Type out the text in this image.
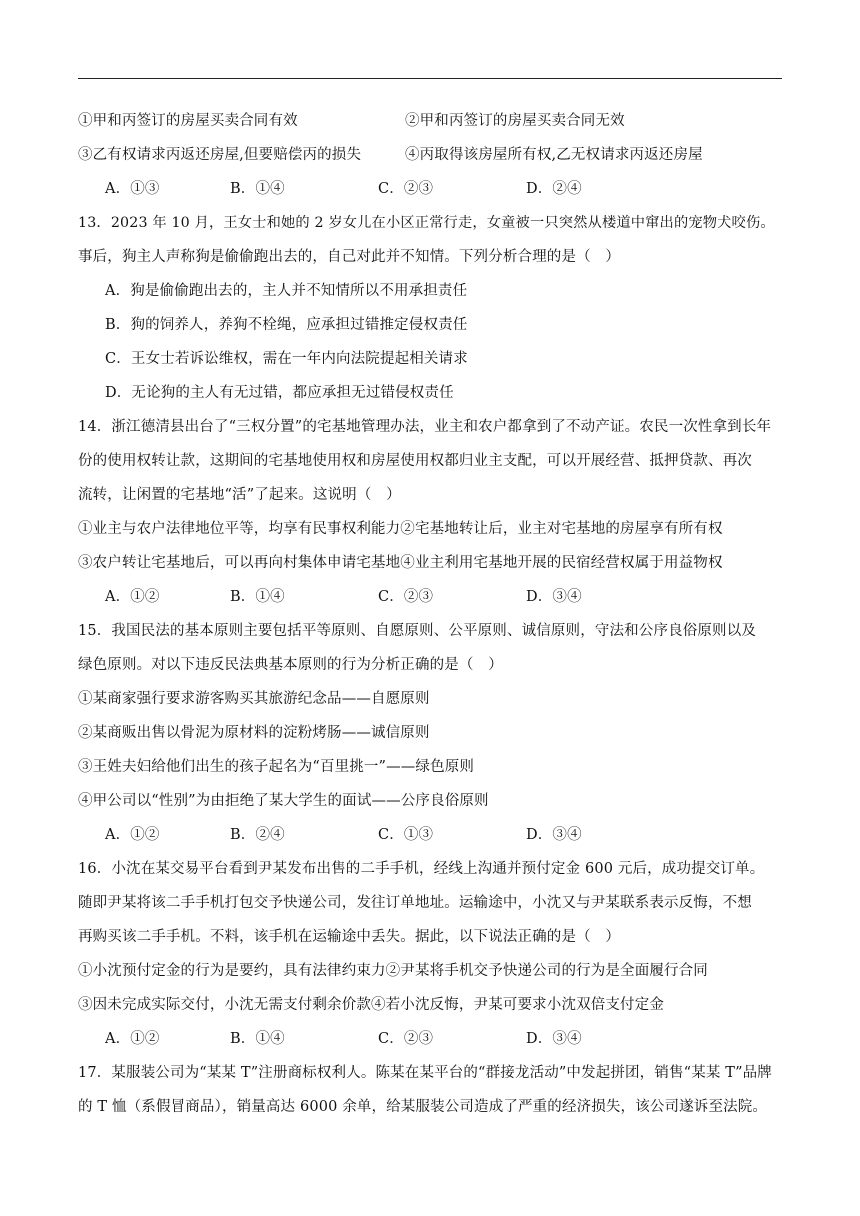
①甲和丙签订的房屋买卖合同有效	②甲和丙签订的房屋买卖合同无效
③乙有权请求丙返还房屋,但要赔偿丙的损失	④丙取得该房屋所有权,乙无权请求丙返还房屋
A．①③	B．①④	C．②③	D．②④
13．2023 年 10 月，王女士和她的 2 岁女儿在小区正常行走，女童被一只突然从楼道中窜出的宠物犬咬伤。
事后，狗主人声称狗是偷偷跑出去的，自己对此并不知情。下列分析合理的是（　）
A．狗是偷偷跑出去的，主人并不知情所以不用承担责任
B．狗的饲养人，养狗不栓绳，应承担过错推定侵权责任
C．王女士若诉讼维权，需在一年内向法院提起相关请求
D．无论狗的主人有无过错，都应承担无过错侵权责任
14．浙江德清县出台了“三权分置”的宅基地管理办法，业主和农户都拿到了不动产证。农民一次性拿到长年
份的使用权转让款，这期间的宅基地使用权和房屋使用权都归业主支配，可以开展经营、抵押贷款、再次
流转，让闲置的宅基地“活”了起来。这说明（　）
①业主与农户法律地位平等，均享有民事权利能力②宅基地转让后，业主对宅基地的房屋享有所有权
③农户转让宅基地后，可以再向村集体申请宅基地④业主利用宅基地开展的民宿经营权属于用益物权
A．①②	B．①④	C．②③	D．③④
15．我国民法的基本原则主要包括平等原则、自愿原则、公平原则、诚信原则，守法和公序良俗原则以及
绿色原则。对以下违反民法典基本原则的行为分析正确的是（　）
①某商家强行要求游客购买其旅游纪念品——自愿原则
②某商贩出售以骨泥为原材料的淀粉烤肠——诚信原则
③王姓夫妇给他们出生的孩子起名为“百里挑一”——绿色原则
④甲公司以“性别”为由拒绝了某大学生的面试——公序良俗原则
A．①②	B．②④	C．①③	D．③④
16．小沈在某交易平台看到尹某发布出售的二手手机，经线上沟通并预付定金 600 元后，成功提交订单。
随即尹某将该二手手机打包交予快递公司，发往订单地址。运输途中，小沈又与尹某联系表示反悔，不想
再购买该二手手机。不料，该手机在运输途中丢失。据此，以下说法正确的是（　）
①小沈预付定金的行为是要约，具有法律约束力②尹某将手机交予快递公司的行为是全面履行合同
③因未完成实际交付，小沈无需支付剩余价款④若小沈反悔，尹某可要求小沈双倍支付定金
A．①②	B．①④	C．②③	D．③④
17．某服装公司为“某某 T”注册商标权利人。陈某在某平台的“群接龙活动”中发起拼团，销售“某某 T”品牌
的 T 恤（系假冒商品），销量高达 6000 余单，给某服装公司造成了严重的经济损失，该公司遂诉至法院。
